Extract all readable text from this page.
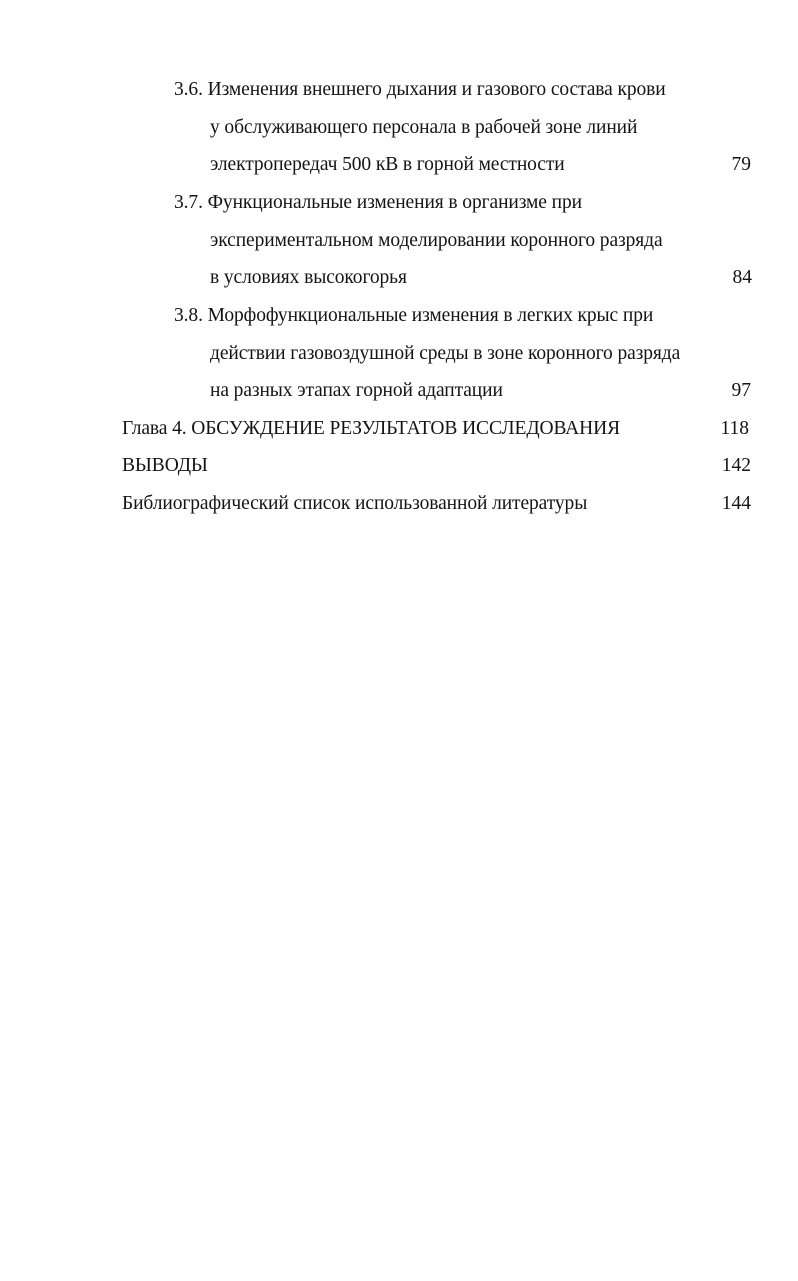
3.6. Изменения внешнего дыхания и газового состава крови
у обслуживающего персонала в рабочей зоне линий
электропередач 500 кВ в горной местности	79
3.7. Функциональные изменения в организме при
экспериментальном моделировании коронного разряда
в условиях высокогорья	84
3.8. Морфофункциональные изменения в легких крыс при
действии газовоздушной среды в зоне коронного разряда
на разных этапах горной адаптации	97
Глава 4. ОБСУЖДЕНИЕ РЕЗУЛЬТАТОВ ИССЛЕДОВАНИЯ	118
ВЫВОДЫ	142
Библиографический список использованной литературы	144
